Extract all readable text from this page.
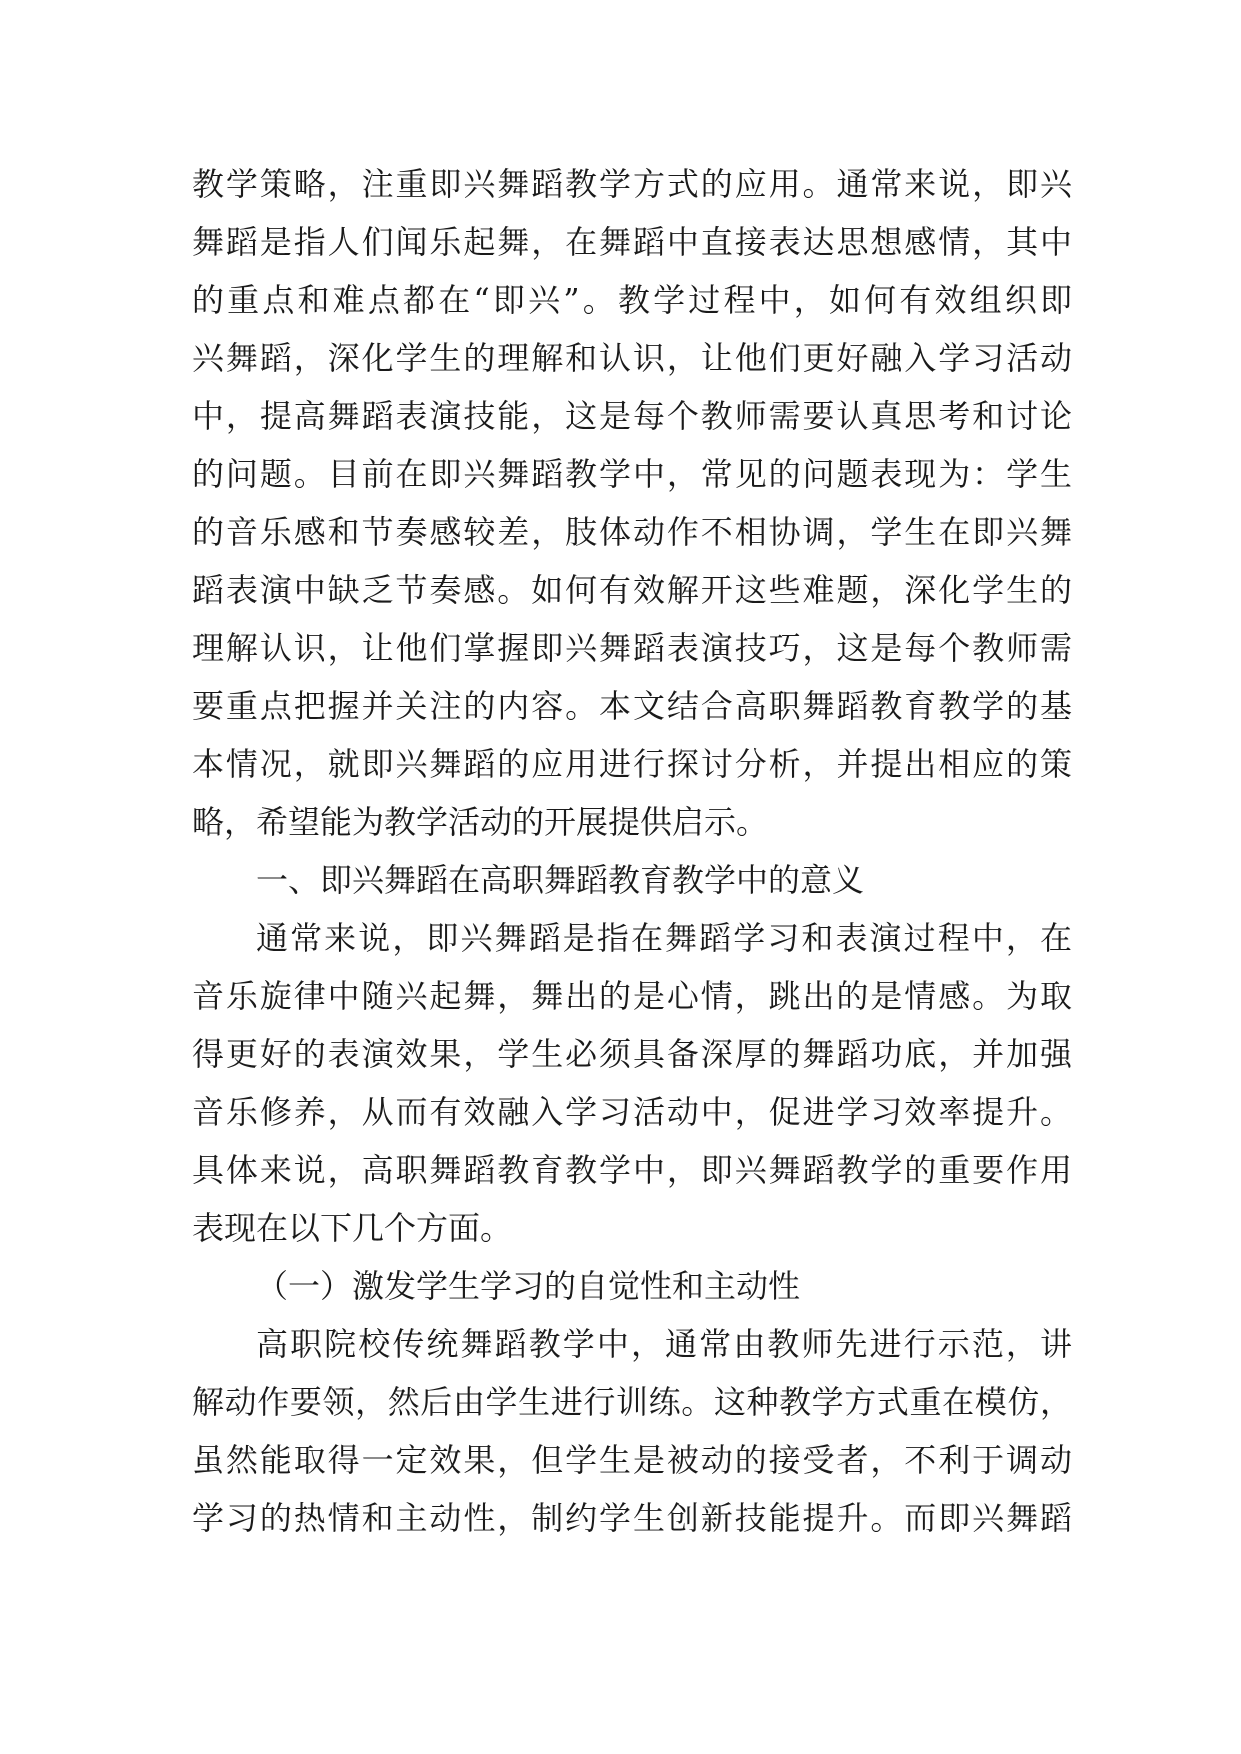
教学策略，注重即兴舞蹈教学方式的应用。通常来说，即兴
舞蹈是指人们闻乐起舞，在舞蹈中直接表达思想感情，其中
的重点和难点都在“即兴”。教学过程中，如何有效组织即
兴舞蹈，深化学生的理解和认识，让他们更好融入学习活动
中，提高舞蹈表演技能，这是每个教师需要认真思考和讨论
的问题。目前在即兴舞蹈教学中，常见的问题表现为：学生
的音乐感和节奏感较差，肢体动作不相协调，学生在即兴舞
蹈表演中缺乏节奏感。如何有效解开这些难题，深化学生的
理解认识，让他们掌握即兴舞蹈表演技巧，这是每个教师需
要重点把握并关注的内容。本文结合高职舞蹈教育教学的基
本情况，就即兴舞蹈的应用进行探讨分析，并提出相应的策
略，希望能为教学活动的开展提供启示。
一、即兴舞蹈在高职舞蹈教育教学中的意义
通常来说，即兴舞蹈是指在舞蹈学习和表演过程中，在
音乐旋律中随兴起舞，舞出的是心情，跳出的是情感。为取
得更好的表演效果，学生必须具备深厚的舞蹈功底，并加强
音乐修养，从而有效融入学习活动中，促进学习效率提升。
具体来说，高职舞蹈教育教学中，即兴舞蹈教学的重要作用
表现在以下几个方面。
（一）激发学生学习的自觉性和主动性
高职院校传统舞蹈教学中，通常由教师先进行示范，讲
解动作要领，然后由学生进行训练。这种教学方式重在模仿，
虽然能取得一定效果，但学生是被动的接受者，不利于调动
学习的热情和主动性，制约学生创新技能提升。而即兴舞蹈
